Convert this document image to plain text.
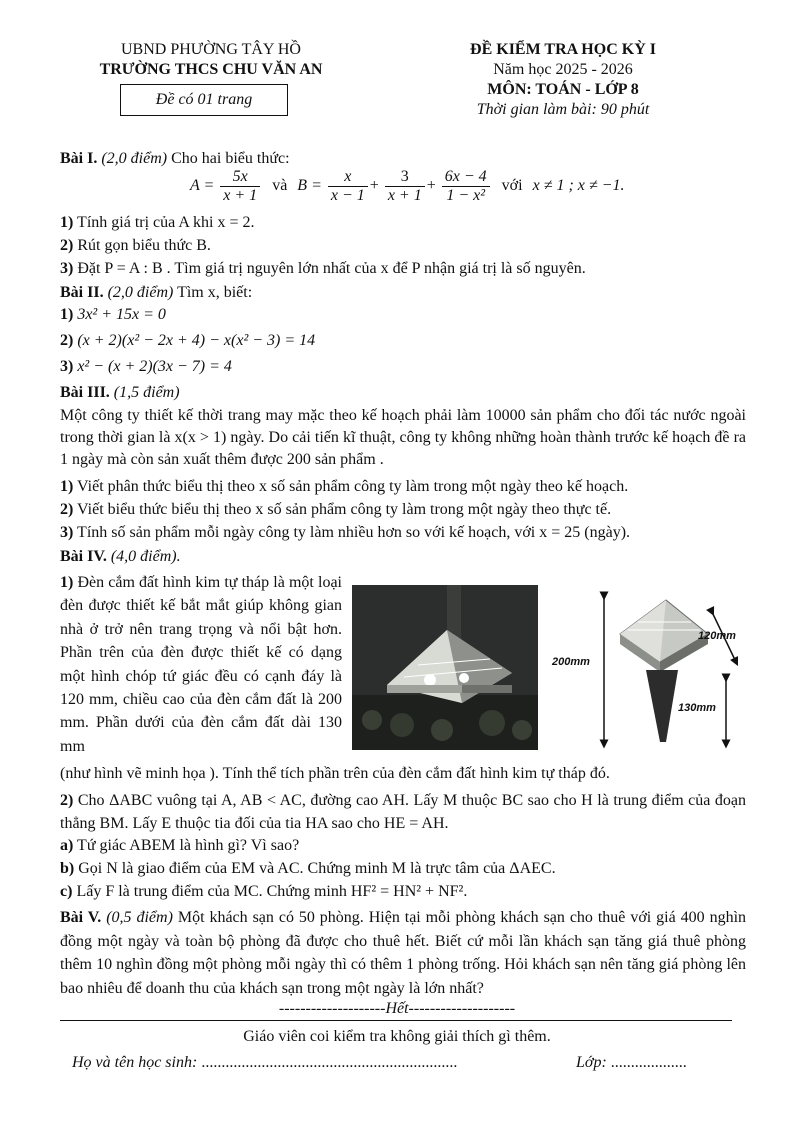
UBND PHƯỜNG TÂY HỒ
TRƯỜNG THCS CHU VĂN AN
Đề có 01 trang
ĐỀ KIỂM TRA HỌC KỲ I
Năm học 2025 - 2026
MÔN: TOÁN - LỚP 8
Thời gian làm bài: 90 phút
Bài I. (2,0 điểm) Cho hai biểu thức:
$A = \frac{5x}{x + 1}$ và $B = \frac{x}{x - 1} + \frac{3}{x + 1} + \frac{6x - 4}{\text{1 − x²}}$ với x ≠ 1 ; x ≠ −1.
1) Tính giá trị của A khi x = 2.
2) Rút gọn biểu thức B.
3) Đặt P = A : B . Tìm giá trị nguyên lớn nhất của x để P nhận giá trị là số nguyên.
Bài II. (2,0 điểm) Tìm x, biết:
1) 3x² + 15x = 0
2) (x + 2)(x² − 2x + 4) − x(x² − 3) = 14
3) x² − (x + 2)(3x − 7) = 4
Bài III. (1,5 điểm)
Một công ty thiết kế thời trang may mặc theo kế hoạch phải làm 10000 sản phẩm cho đối tác nước ngoài trong thời gian là x(x > 1) ngày. Do cải tiến kĩ thuật, công ty không những hoàn thành trước kế hoạch đề ra 1 ngày mà còn sản xuất thêm được 200 sản phẩm .
1) Viết phân thức biểu thị theo x số sản phẩm công ty làm trong một ngày theo kế hoạch.
2) Viết biểu thức biểu thị theo x số sản phẩm công ty làm trong một ngày theo thực tế.
3) Tính số sản phẩm mỗi ngày công ty làm nhiều hơn so với kế hoạch, với x = 25 (ngày).
Bài IV. (4,0 điểm).
1) Đèn cắm đất hình kim tự tháp là một loại đèn được thiết kế bắt mắt giúp không gian nhà ở trở nên trang trọng và nổi bật hơn. Phần trên của đèn được thiết kế có dạng một hình chóp tứ giác đều có cạnh đáy là 120 mm, chiều cao của đèn cắm đất là 200 mm. Phần dưới của đèn cắm đất dài 130 mm
200mm
120mm
130mm
(như hình vẽ minh họa ). Tính thể tích phần trên của đèn cắm đất hình kim tự tháp đó.
2) Cho ΔABC vuông tại A, AB < AC, đường cao AH. Lấy M thuộc BC sao cho H là trung điểm của đoạn thẳng BM. Lấy E thuộc tia đối của tia HA sao cho HE = AH.
a) Tứ giác ABEM là hình gì? Vì sao?
b) Gọi N là giao điểm của EM và AC. Chứng minh M là trực tâm của ΔAEC.
c) Lấy F là trung điểm của MC. Chứng minh HF² = HN² + NF².
Bài V. (0,5 điểm) Một khách sạn có 50 phòng. Hiện tại mỗi phòng khách sạn cho thuê với giá 400 nghìn đồng một ngày và toàn bộ phòng đã được cho thuê hết. Biết cứ mỗi lần khách sạn tăng giá thuê phòng thêm 10 nghìn đồng một phòng mỗi ngày thì có thêm 1 phòng trống. Hỏi khách sạn nên tăng giá phòng lên bao nhiêu để doanh thu của khách sạn trong một ngày là lớn nhất?
--------------------Hết--------------------
Giáo viên coi kiểm tra không giải thích gì thêm.
Họ và tên học sinh: ................................................................	Lớp: ...................
